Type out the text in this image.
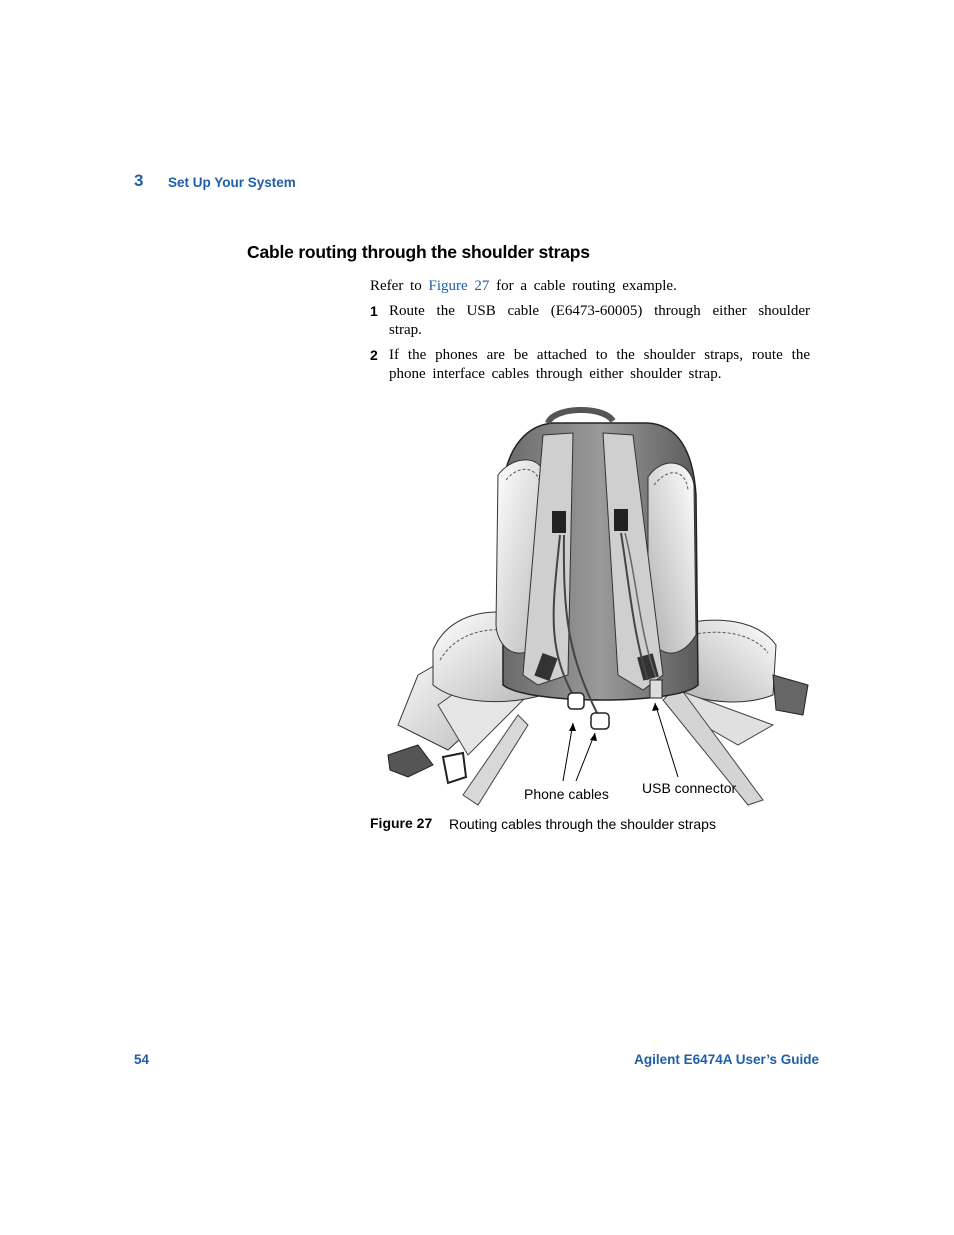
3 Set Up Your System
Cable routing through the shoulder straps
Refer to Figure 27 for a cable routing example.
1 Route the USB cable (E6473-60005) through either shoulder strap.
2 If the phones are be attached to the shoulder straps, route the phone interface cables through either shoulder strap.
Phone cables USB connector
Figure 27 Routing cables through the shoulder straps
54	Agilent E6474A User’s Guide
